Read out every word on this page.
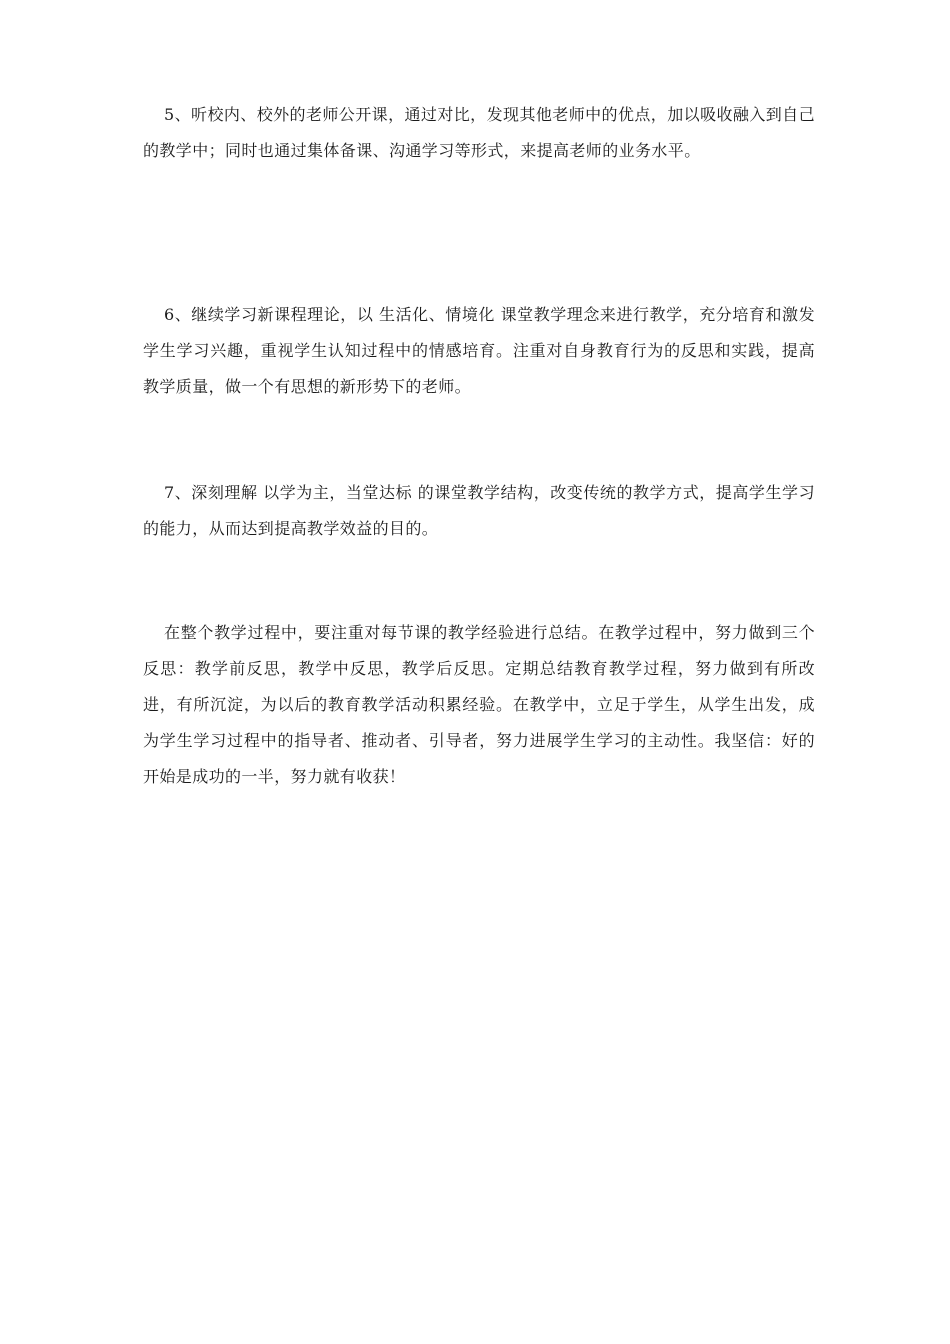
5、听校内、校外的老师公开课，通过对比，发现其他老师中的优点，加以吸收融入到自己的教学中；同时也通过集体备课、沟通学习等形式，来提高老师的业务水平。

6、继续学习新课程理论，以 生活化、情境化 课堂教学理念来进行教学，充分培育和激发学生学习兴趣，重视学生认知过程中的情感培育。注重对自身教育行为的反思和实践，提高教学质量，做一个有思想的新形势下的老师。

7、深刻理解 以学为主，当堂达标 的课堂教学结构，改变传统的教学方式，提高学生学习的能力，从而达到提高教学效益的目的。

在整个教学过程中，要注重对每节课的教学经验进行总结。在教学过程中，努力做到三个反思：教学前反思，教学中反思，教学后反思。定期总结教育教学过程，努力做到有所改进，有所沉淀，为以后的教育教学活动积累经验。在教学中，立足于学生，从学生出发，成为学生学习过程中的指导者、推动者、引导者，努力进展学生学习的主动性。我坚信：好的开始是成功的一半，努力就有收获！
